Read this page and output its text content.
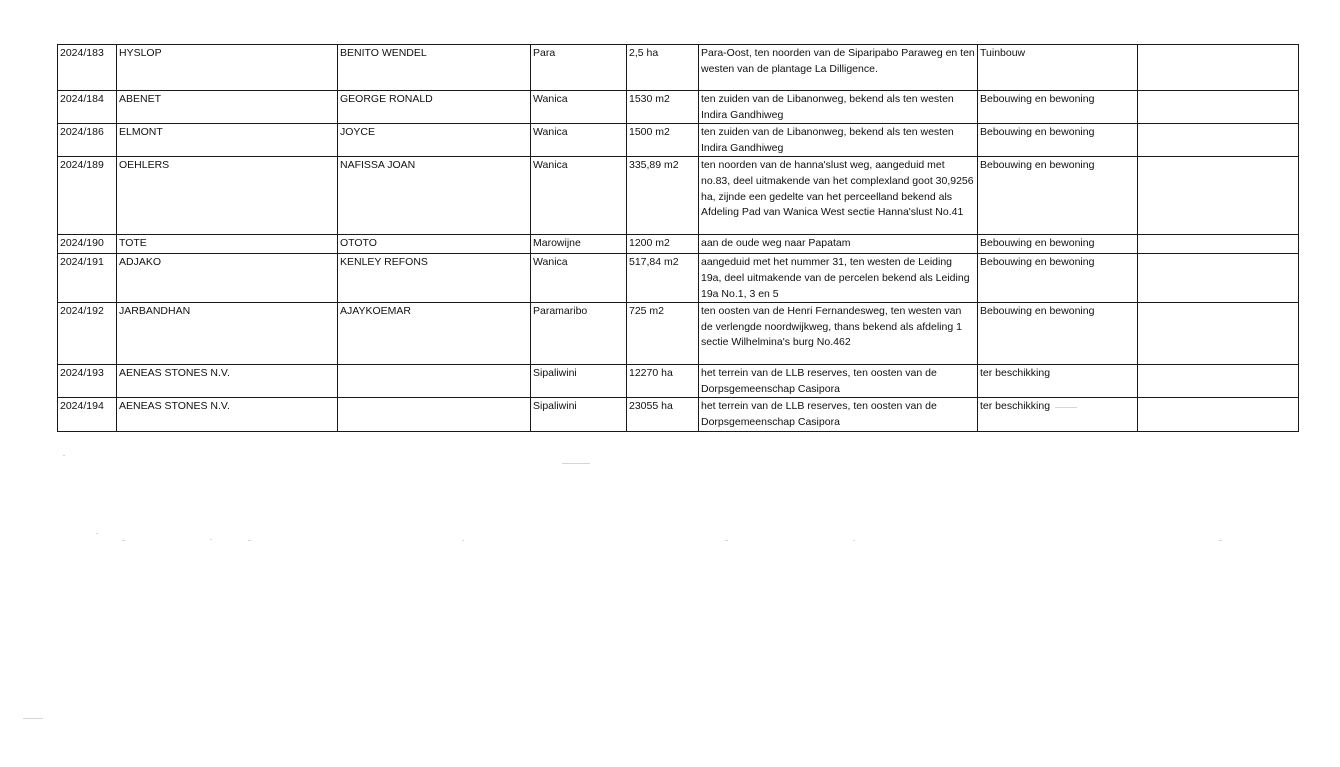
2024/183	HYSLOP	BENITO WENDEL	Para	2,5 ha	Para-Oost, ten noorden van de Siparipabo Paraweg en ten westen van de plantage La Dilligence.	Tuinbouw	
2024/184	ABENET	GEORGE RONALD	Wanica	1530 m2	ten zuiden van de Libanonweg, bekend als ten westen Indira Gandhiweg	Bebouwing en bewoning	
2024/186	ELMONT	JOYCE	Wanica	1500 m2	ten zuiden van de Libanonweg, bekend als ten westen Indira Gandhiweg	Bebouwing en bewoning	
2024/189	OEHLERS	NAFISSA JOAN	Wanica	335,89 m2	ten noorden van de hanna'slust weg, aangeduid met no.83, deel uitmakende van het complexland goot 30,9256 ha, zijnde een gedelte van het perceelland bekend als Afdeling Pad van Wanica West sectie Hanna'slust No.41	Bebouwing en bewoning	
2024/190	TOTE	OTOTO	Marowijne	1200 m2	aan de oude weg naar Papatam	Bebouwing en bewoning	
2024/191	ADJAKO	KENLEY REFONS	Wanica	517,84 m2	aangeduid met het nummer 31, ten westen de Leiding 19a, deel uitmakende van de percelen bekend als Leiding 19a No.1, 3 en 5	Bebouwing en bewoning	
2024/192	JARBANDHAN	AJAYKOEMAR	Paramaribo	725 m2	ten oosten van de Henri Fernandesweg, ten westen van de verlengde noordwijkweg, thans bekend als afdeling 1 sectie Wilhelmina's burg No.462	Bebouwing en bewoning	
2024/193	AENEAS STONES N.V.		Sipaliwini	12270 ha	het terrein van de LLB reserves, ten oosten van de Dorpsgemeenschap Casipora	ter beschikking	
2024/194	AENEAS STONES N.V.		Sipaliwini	23055 ha	het terrein van de LLB reserves, ten oosten van de Dorpsgemeenschap Casipora	ter beschikking	
